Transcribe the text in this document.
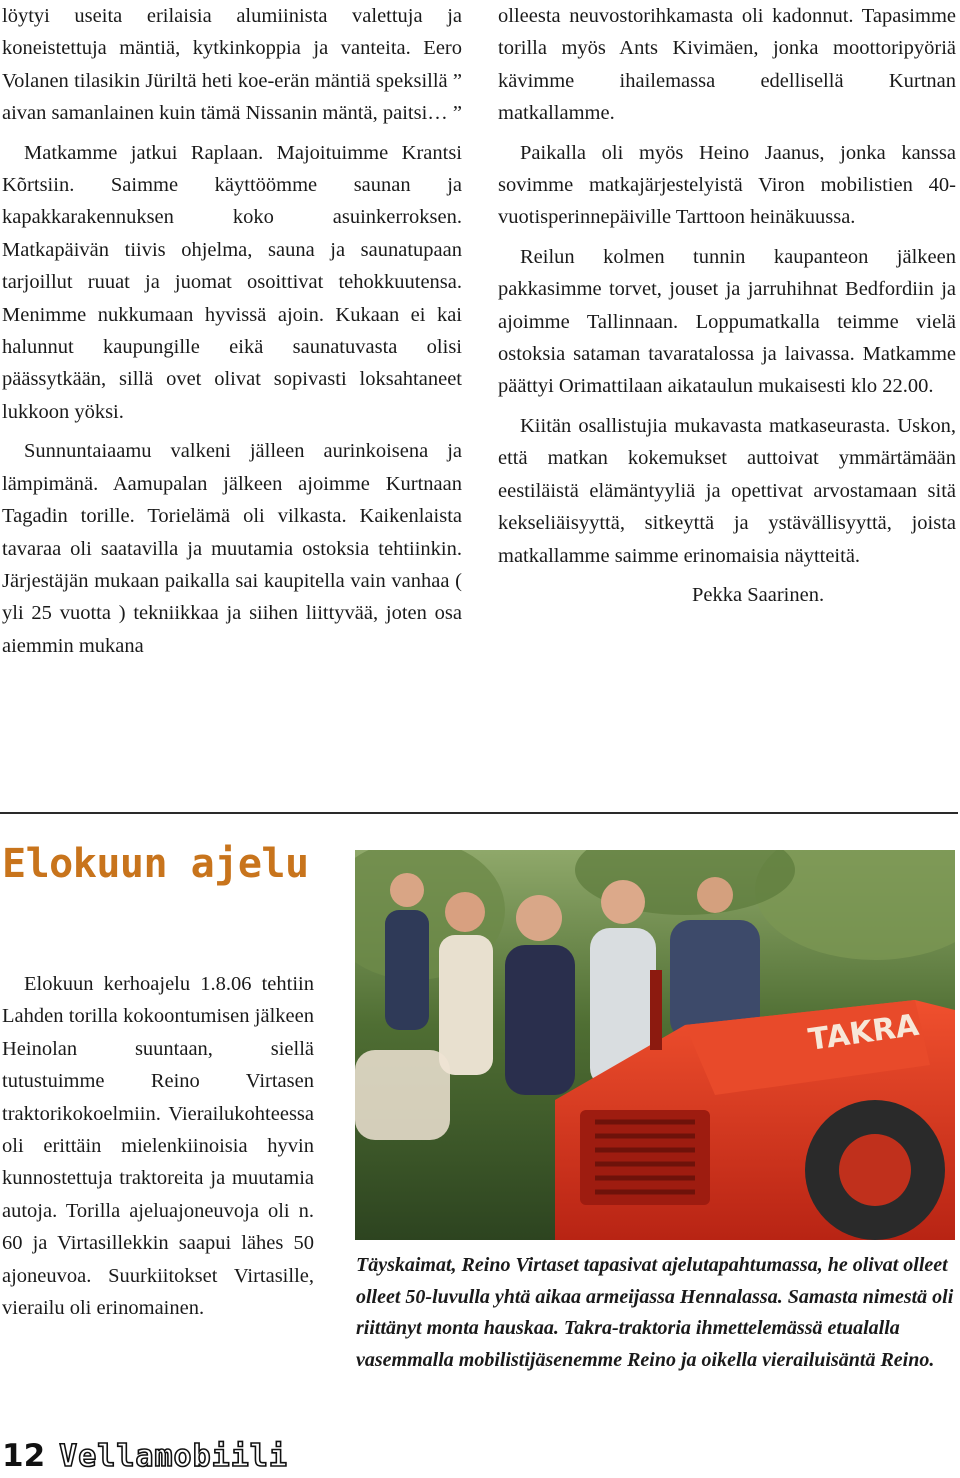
löytyi useita erilaisia alumiinista valettuja ja koneistettuja mäntiä, kytkinkoppia ja vanteita. Eero Volanen tilasikin Jüriltä heti koe-erän mäntiä speksillä ” aivan samanlainen kuin tämä Nissanin mäntä, paitsi… ”

Matkamme jatkui Raplaan. Majoituimme Krantsi Kõrtsiin. Saimme käyttöömme saunan ja kapakkarakennuksen koko asuinkerroksen. Matkapäivän tiivis ohjelma, sauna ja saunatupaan tarjoillut ruuat ja juomat osoittivat tehokkuutensa. Menimme nukkumaan hyvissä ajoin. Kukaan ei kai halunnut kaupungille eikä saunatuvasta olisi päässytkään, sillä ovet olivat sopivasti loksahtaneet lukkoon yöksi.

Sunnuntaiaamu valkeni jälleen aurinkoisena ja lämpimänä. Aamupalan jälkeen ajoimme Kurtnaan Tagadin torille. Torielämä oli vilkasta. Kaikenlaista tavaraa oli saatavilla ja muutamia ostoksia tehtiinkin. Järjestäjän mukaan paikalla sai kaupitella vain vanhaa ( yli 25 vuotta ) tekniikkaa ja siihen liittyvää, joten osa aiemmin mukana

olleesta neuvostorihkamasta oli kadonnut. Tapasimme torilla myös Ants Kivimäen, jonka moottoripyöriä kävimme ihailemassa edellisellä Kurtnan matkallamme.

Paikalla oli myös Heino Jaanus, jonka kanssa sovimme matkajärjestelyistä Viron mobilistien 40-vuotisperinnepäiville Tarttoon heinäkuussa.

Reilun kolmen tunnin kaupanteon jälkeen pakkasimme torvet, jouset ja jarruhihnat Bedfordiin ja ajoimme Tallinnaan. Loppumatkalla teimme vielä ostoksia sataman tavaratalossa ja laivassa. Matkamme päättyi Orimattilaan aikataulun mukaisesti klo 22.00.

Kiitän osallistujia mukavasta matkaseurasta. Uskon, että matkan kokemukset auttoivat ymmärtämään eestiläistä elämäntyyliä ja opettivat arvostamaan sitä kekseliäisyyttä, sitkeyttä ja ystävällisyyttä, joista matkallamme saimme erinomaisia näytteitä.

Pekka Saarinen.

Elokuun ajelu

Elokuun kerhoajelu 1.8.06 tehtiin Lahden torilla kokoontumisen jälkeen Heinolan suuntaan, siellä tutustuimme Reino Virtasen traktorikokoelmiin. Vierailukohteessa oli erittäin mielenkiinoisia hyvin kunnostettuja traktoreita ja muutamia autoja. Torilla ajeluajoneuvoja oli n. 60 ja Virtasillekkin saapui lähes 50 ajoneuvoa. Suurkiitokset Virtasille, vierailu oli erinomainen.

TAKRA
Täyskaimat, Reino Virtaset tapasivat ajelutapahtumassa, he olivat olleet olleet 50-luvulla yhtä aikaa armeijassa Hennalassa. Samasta nimestä oli riittänyt monta hauskaa. Takra-traktoria ihmettelemässä etualalla vasemmalla mobilistijäsenemme Reino ja oikella vierailuisäntä Reino.
12 Vellamobiili
